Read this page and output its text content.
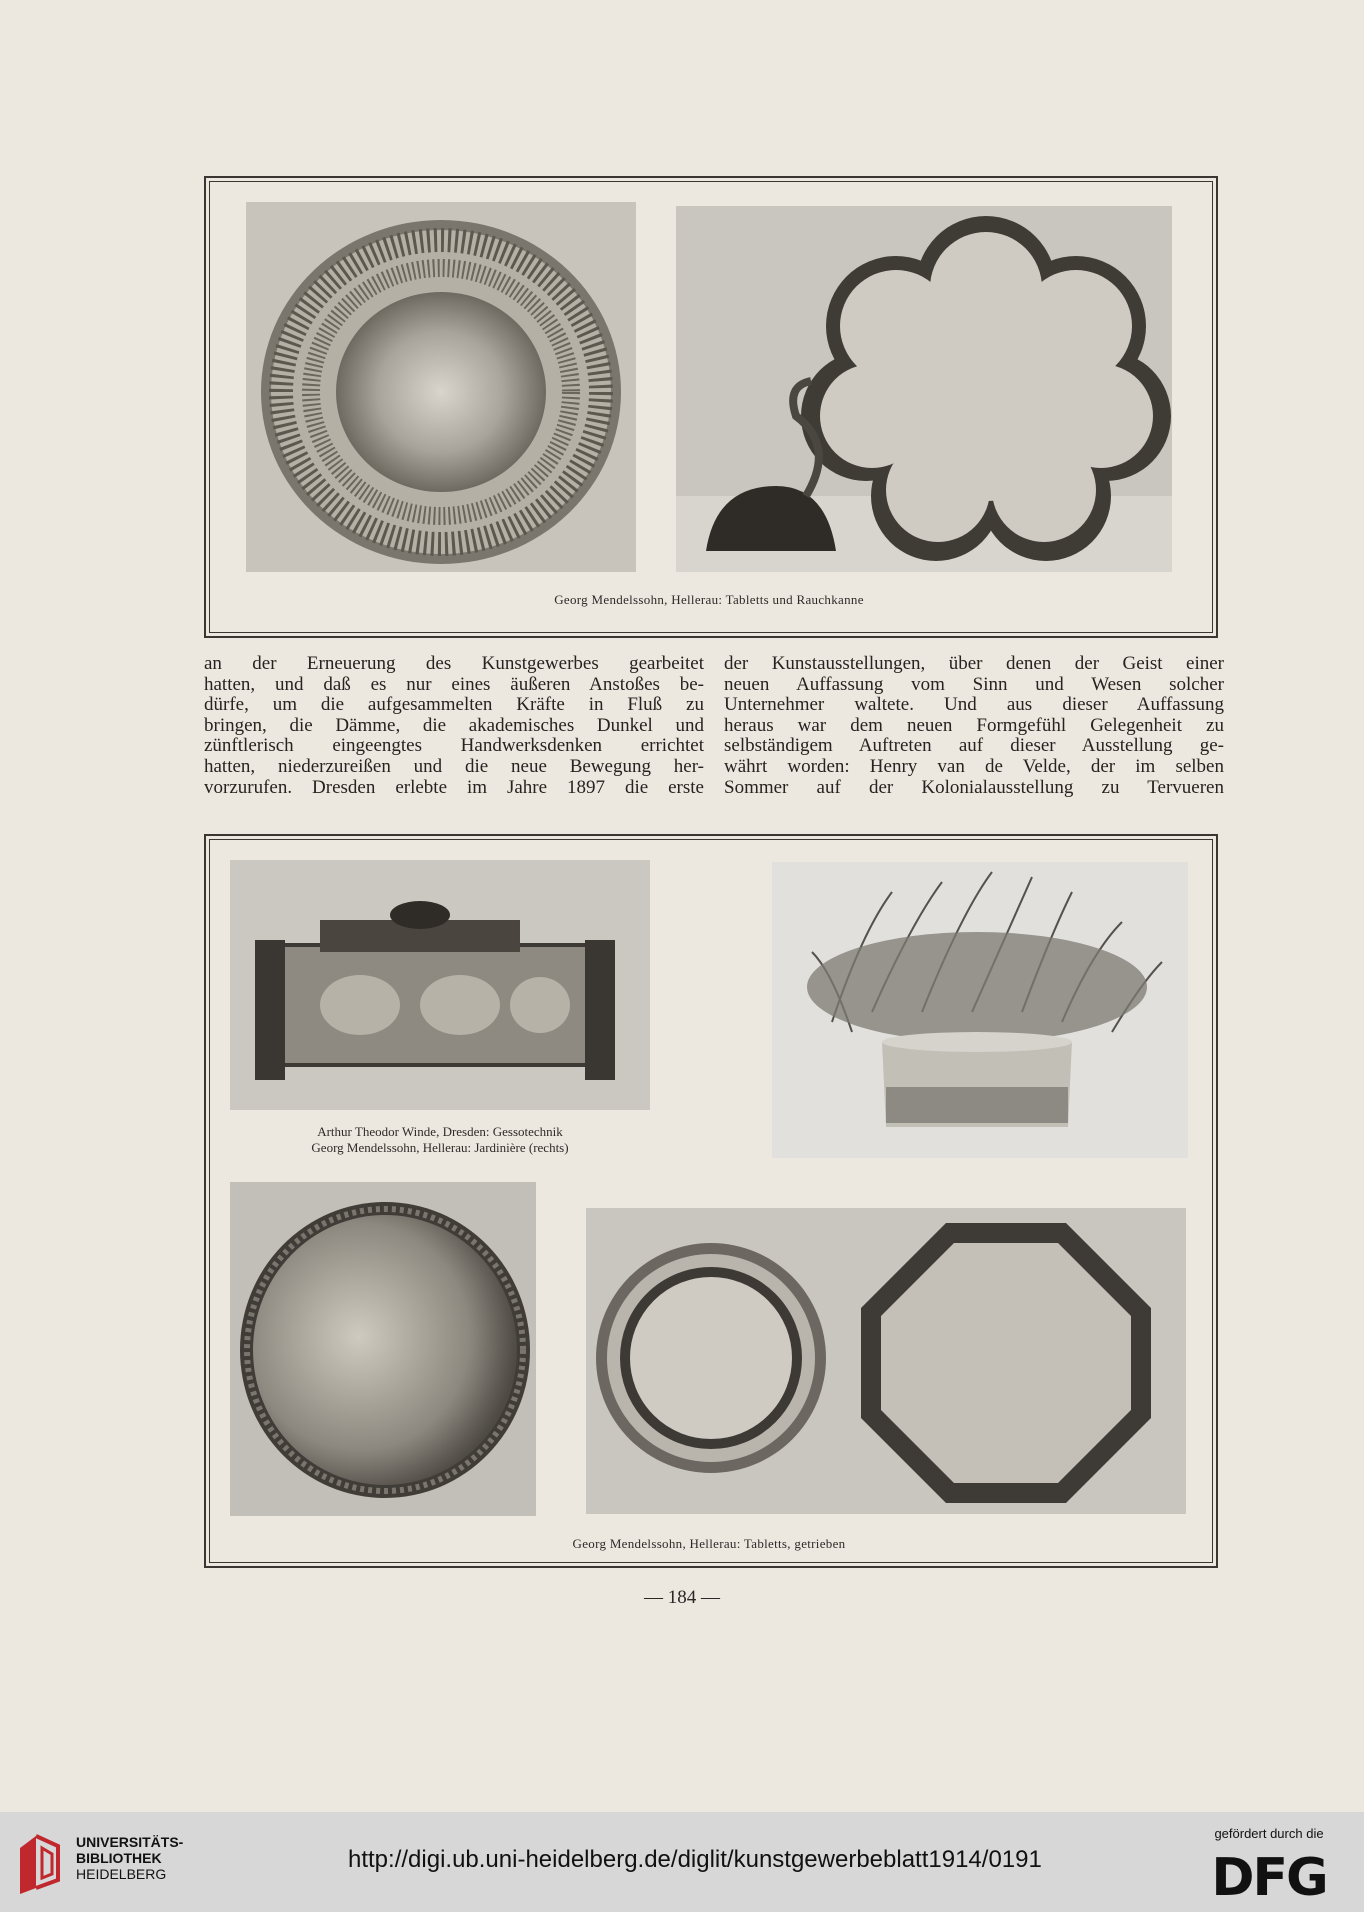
Georg Mendelssohn, Hellerau: Tabletts und Rauchkanne
an der Erneuerung des Kunstgewerbes gearbeitet
hatten, und daß es nur eines äußeren Anstoßes be-
dürfe, um die aufgesammelten Kräfte in Fluß zu
bringen, die Dämme, die akademisches Dunkel und
zünftlerisch eingeengtes Handwerksdenken errichtet
hatten, niederzureißen und die neue Bewegung her-
vorzurufen. Dresden erlebte im Jahre 1897 die erste
der Kunstausstellungen, über denen der Geist einer
neuen Auffassung vom Sinn und Wesen solcher
Unternehmer waltete. Und aus dieser Auffassung
heraus war dem neuen Formgefühl Gelegenheit zu
selbständigem Auftreten auf dieser Ausstellung ge-
währt worden: Henry van de Velde, der im selben
Sommer auf der Kolonialausstellung zu Tervueren
Arthur Theodor Winde, Dresden: Gessotechnik
Georg Mendelssohn, Hellerau: Jardinière (rechts)
Georg Mendelssohn, Hellerau: Tabletts, getrieben
— 184 —
UNIVERSITÄTS-
BIBLIOTHEK
HEIDELBERG
http://digi.ub.uni-heidelberg.de/diglit/kunstgewerbeblatt1914/0191
gefördert durch die
DFG
